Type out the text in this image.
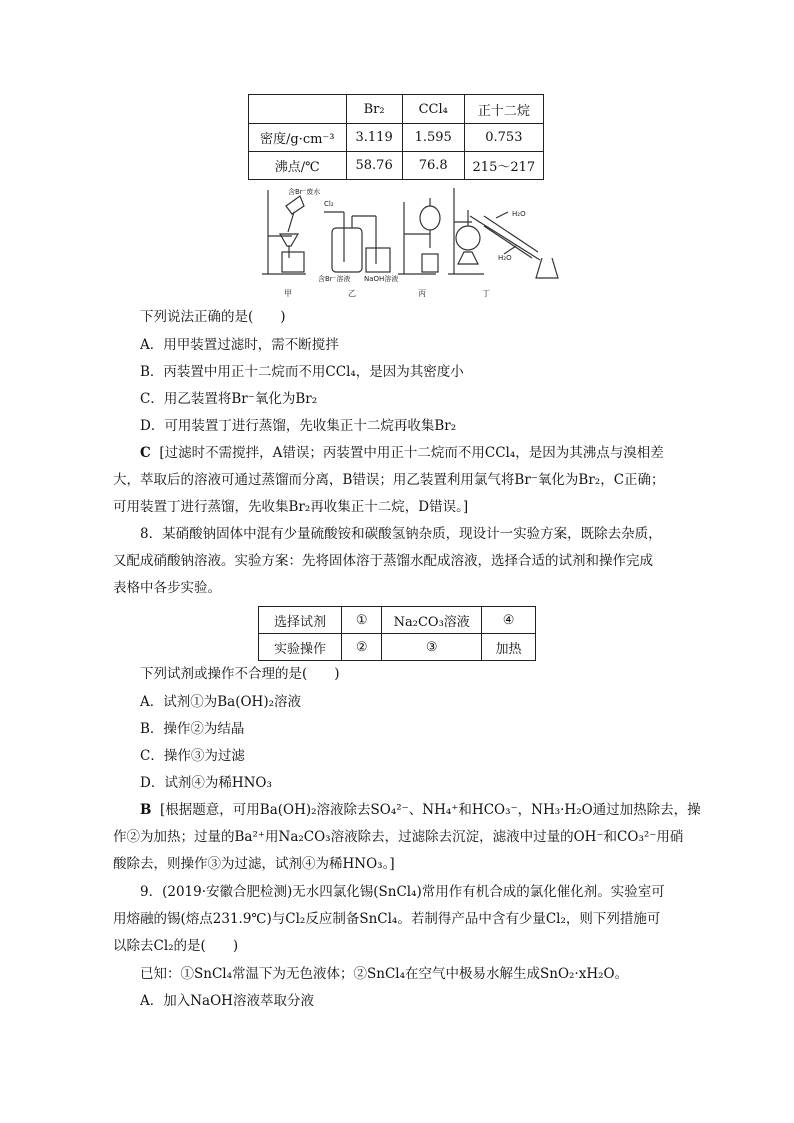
	Br₂	CCl₄	正十二烷
密度/g·cm⁻³	3.119	1.595	0.753
沸点/℃	58.76	76.8	215～217
含Br⁻废水
Cl₂
含Br⁻溶液 NaOH溶液
H₂O
H₂O
甲	乙	丙	丁
下列说法正确的是(　　)
A．用甲装置过滤时，需不断搅拌
B．丙装置中用正十二烷而不用CCl₄，是因为其密度小
C．用乙装置将Br⁻氧化为Br₂
D．可用装置丁进行蒸馏，先收集正十二烷再收集Br₂
C [过滤时不需搅拌，A错误；丙装置中用正十二烷而不用CCl₄，是因为其沸点与溴相差
大，萃取后的溶液可通过蒸馏而分离，B错误；用乙装置利用氯气将Br⁻氧化为Br₂，C正确；
可用装置丁进行蒸馏，先收集Br₂再收集正十二烷，D错误。]
8．某硝酸钠固体中混有少量硫酸铵和碳酸氢钠杂质，现设计一实验方案，既除去杂质，
又配成硝酸钠溶液。实验方案：先将固体溶于蒸馏水配成溶液，选择合适的试剂和操作完成
表格中各步实验。
选择试剂	①	Na₂CO₃溶液	④
实验操作	②	③	加热
下列试剂或操作不合理的是(　　)
A．试剂①为Ba(OH)₂溶液
B．操作②为结晶
C．操作③为过滤
D．试剂④为稀HNO₃
B [根据题意，可用Ba(OH)₂溶液除去SO₄²⁻、NH₄⁺和HCO₃⁻，NH₃·H₂O通过加热除去，操
作②为加热；过量的Ba²⁺用Na₂CO₃溶液除去，过滤除去沉淀，滤液中过量的OH⁻和CO₃²⁻用硝
酸除去，则操作③为过滤，试剂④为稀HNO₃。]
9．(2019·安徽合肥检测)无水四氯化锡(SnCl₄)常用作有机合成的氯化催化剂。实验室可
用熔融的锡(熔点231.9℃)与Cl₂反应制备SnCl₄。若制得产品中含有少量Cl₂，则下列措施可
以除去Cl₂的是(　　)
已知：①SnCl₄常温下为无色液体；②SnCl₄在空气中极易水解生成SnO₂·xH₂O。
A．加入NaOH溶液萃取分液
